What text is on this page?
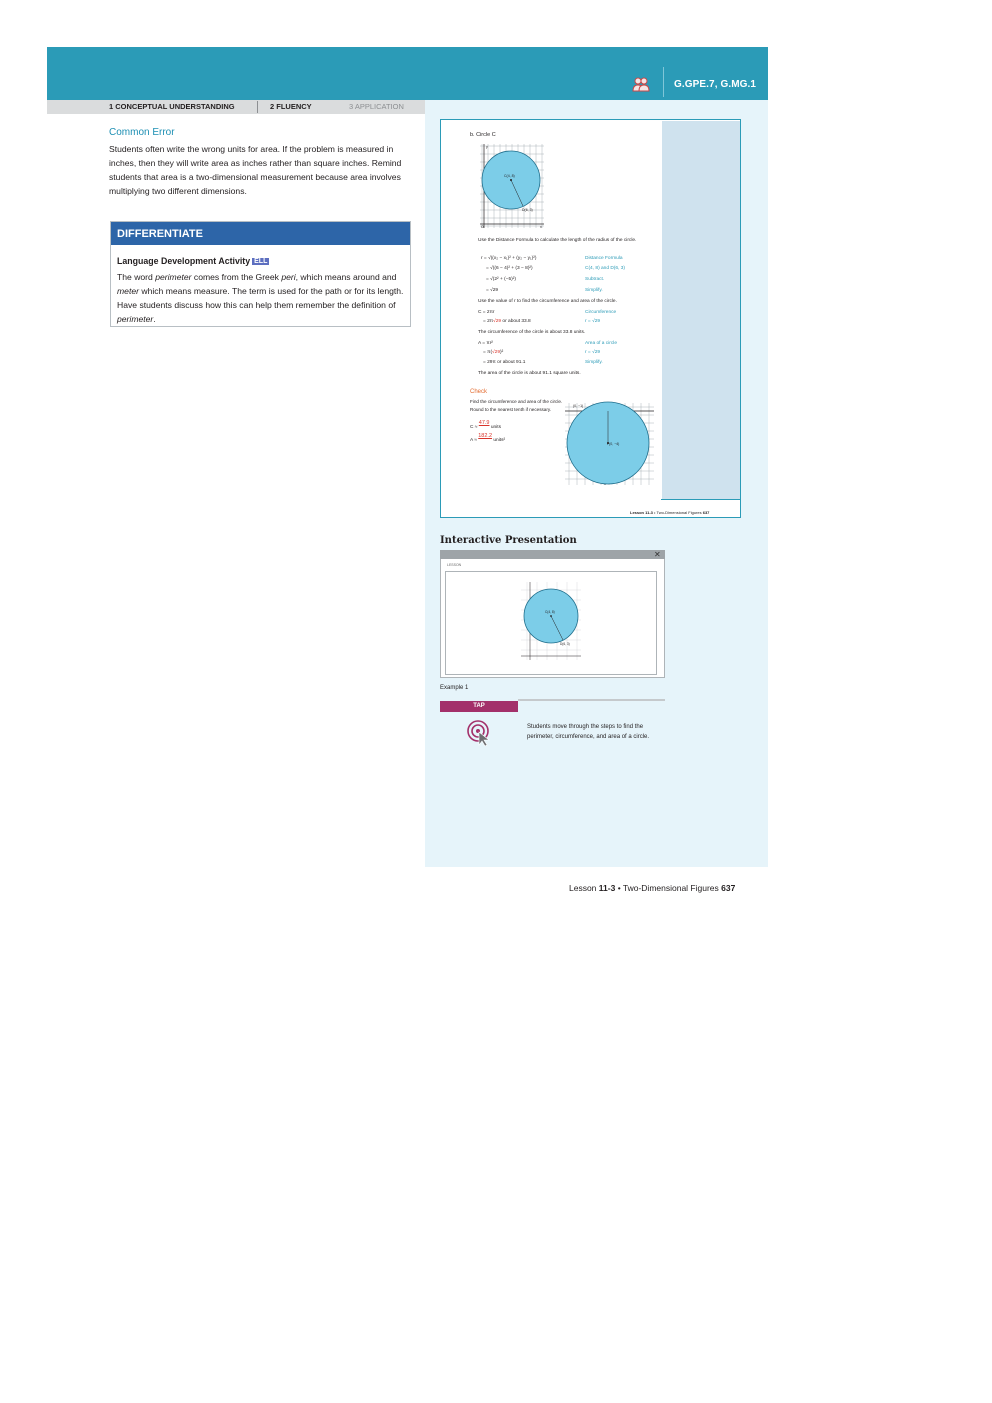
G.GPE.7, G.MG.1
1 CONCEPTUAL UNDERSTANDING	2 FLUENCY	3 APPLICATION
Common Error
Students often write the wrong units for area. If the problem is measured in inches, then they will write area as inches rather than square inches. Remind students that area is a two-dimensional measurement because area involves multiplying two different dimensions.
DIFFERENTIATE
Language Development Activity ELL
The word perimeter comes from the Greek peri, which means around and meter which means measure. The term is used for the path or for its length. Have students discuss how this can help them remember the definition of perimeter.
b. Circle C
C(4, 8)
D(6, 3)
y
x
O
Use the Distance Formula to calculate the length of the radius of the circle.
r = √((x₂ − x₁)² + (y₂ − y₁)²)	Distance Formula
= √((6 − 4)² + (3 − 8)²)	C(4, 8) and D(6, 3)
= √(2² + (−5)²)	Subtract.
= √29	Simplify.
Use the value of r to find the circumference and area of the circle.
C = 2πr	Circumference
= 2π√29 or about 33.8	r = √29
The circumference of the circle is about 33.8 units.
A = πr²	Area of a circle
= π(√29)²	r = √29
= 29π or about 91.1	Simplify.
The area of the circle is about 91.1 square units.
Check
Find the circumference and area of the circle. Round to the nearest tenth if necessary.
C ≈ 47.9 units
A ≈ 182.2 units²
(0, −1)
F(0, −4)
Lesson 11-3 • Two-Dimensional Figures 637
Interactive Presentation
✕
LESSON
C(4, 8)
D(6, 3)
Example 1
TAP
Students move through the steps to find the perimeter, circumference, and area of a circle.
Lesson 11-3 • Two-Dimensional Figures 637
